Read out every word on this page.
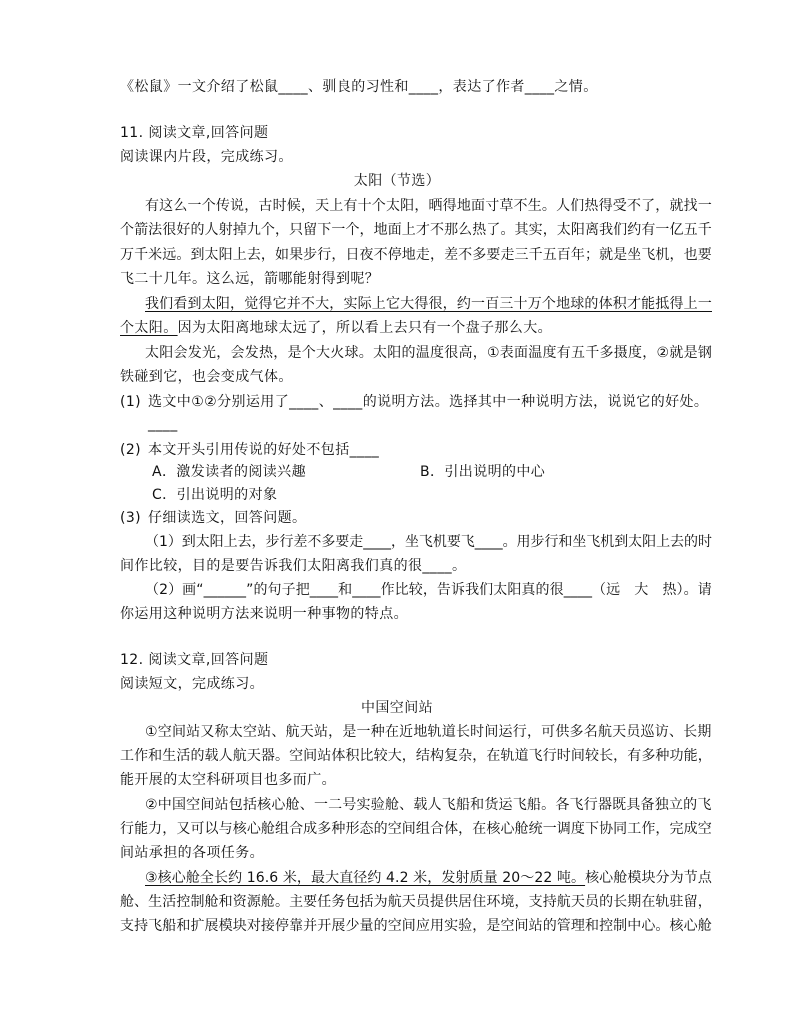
《松鼠》一文介绍了松鼠____、驯良的习性和____，表达了作者____之情。
11. 阅读文章,回答问题
阅读课内片段，完成练习。
太阳（节选）
有这么一个传说，古时候，天上有十个太阳，晒得地面寸草不生。人们热得受不了，就找一
个箭法很好的人射掉九个，只留下一个，地面上才不那么热了。其实，太阳离我们约有一亿五千
万千米远。到太阳上去，如果步行，日夜不停地走，差不多要走三千五百年；就是坐飞机，也要
飞二十几年。这么远，箭哪能射得到呢？
我们看到太阳，觉得它并不大，实际上它大得很，约一百三十万个地球的体积才能抵得上一
个太阳。因为太阳离地球太远了，所以看上去只有一个盘子那么大。
太阳会发光，会发热，是个大火球。太阳的温度很高，①表面温度有五千多摄度，②就是钢
铁碰到它，也会变成气体。
(1) 选文中①②分别运用了____、____的说明方法。选择其中一种说明方法，说说它的好处。
____
(2) 本文开头引用传说的好处不包括____
A．激发读者的阅读兴趣	B．引出说明的中心
C．引出说明的对象
(3) 仔细读选文，回答问题。
（1）到太阳上去，步行差不多要走____，坐飞机要飞____。用步行和坐飞机到太阳上去的时
间作比较，目的是要告诉我们太阳离我们真的很____。
（2）画“______”的句子把____和____作比较，告诉我们太阳真的很____（远　大　热）。请
你运用这种说明方法来说明一种事物的特点。
12. 阅读文章,回答问题
阅读短文，完成练习。
中国空间站
①空间站又称太空站、航天站，是一种在近地轨道长时间运行，可供多名航天员巡访、长期
工作和生活的载人航天器。空间站体积比较大，结构复杂，在轨道飞行时间较长，有多种功能，
能开展的太空科研项目也多而广。
②中国空间站包括核心舱、一二号实验舱、载人飞船和货运飞船。各飞行器既具备独立的飞
行能力，又可以与核心舱组合成多种形态的空间组合体，在核心舱统一调度下协同工作，完成空
间站承担的各项任务。
③核心舱全长约 16.6 米，最大直径约 4.2 米，发射质量 20～22 吨。核心舱模块分为节点
舱、生活控制舱和资源舱。主要任务包括为航天员提供居住环境，支持航天员的长期在轨驻留，
支持飞船和扩展模块对接停靠并开展少量的空间应用实验，是空间站的管理和控制中心。核心舱
